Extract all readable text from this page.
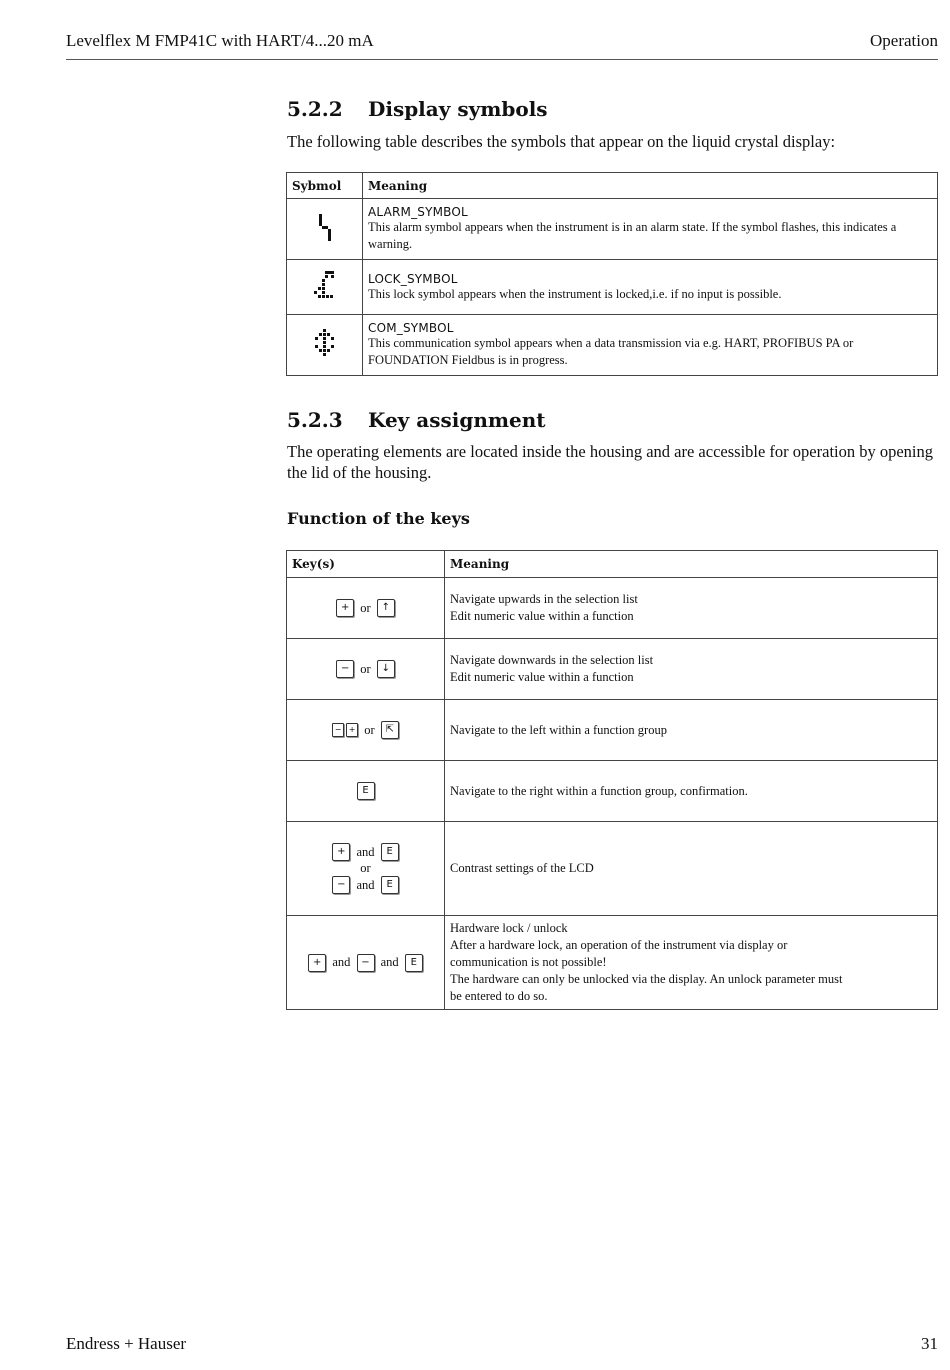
Levelflex M FMP41C with HART/4...20 mA	Operation
5.2.2 Display symbols
The following table describes the symbols that appear on the liquid crystal display:
Sybmol	Meaning

ALARM_SYMBOL
This alarm symbol appears when the instrument is in an alarm state. If the symbol flashes, this indicates a warning.

LOCK_SYMBOL
This lock symbol appears when the instrument is locked,i.e. if no input is possible.

COM_SYMBOL
This communication symbol appears when a data transmission via e.g. HART, PROFIBUS PA or FOUNDATION Fieldbus is in progress.
5.2.3 Key assignment
The operating elements are located inside the housing and are accessible for operation by opening the lid of the housing.
Function of the keys
Key(s)	Meaning
+ or ↑	Navigate upwards in the selection list
Edit numeric value within a function

− or ↓	Navigate downwards in the selection list
Edit numeric value within a function

− + or ⇱	Navigate to the left within a function group

E	Navigate to the right within a function group, confirmation.

+ and E
or
− and E	Contrast settings of the LCD

+ and − and E	Hardware lock / unlock
After a hardware lock, an operation of the instrument via display or
communication is not possible!
The hardware can only be unlocked via the display. An unlock parameter must
be entered to do so.
Endress + Hauser	31
